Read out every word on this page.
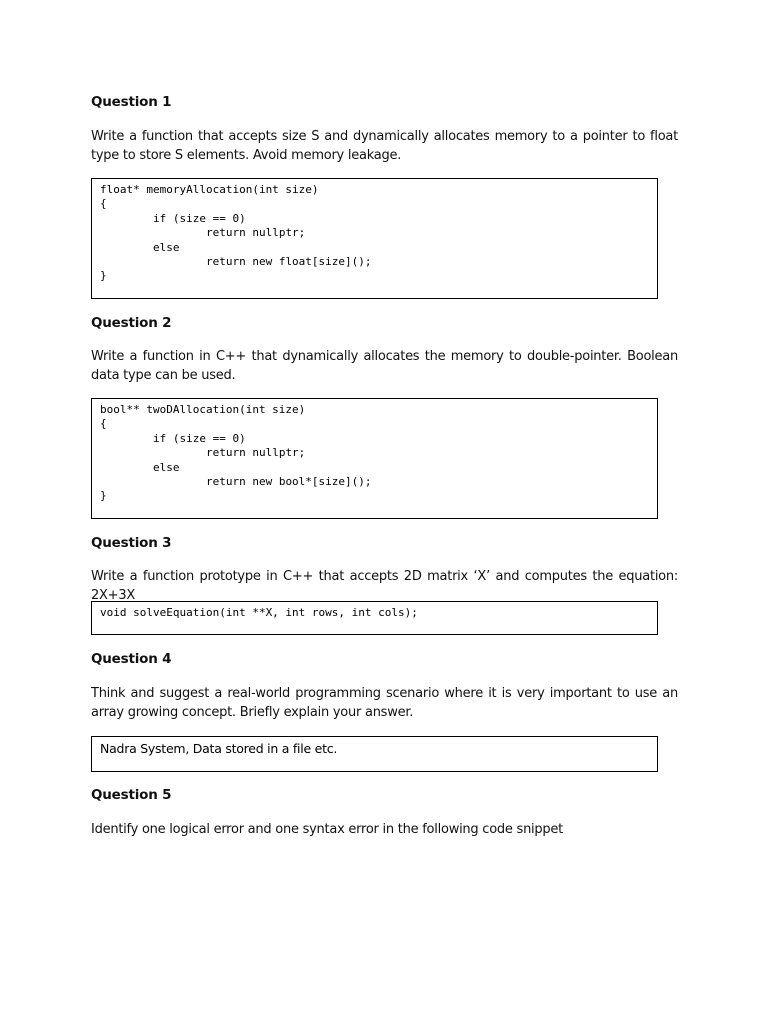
Question 1
Write a function that accepts size S and dynamically allocates memory to a pointer to float type to store S elements. Avoid memory leakage.
float* memoryAllocation(int size)
{
	if (size == 0)
		return nullptr;
	else
		return new float[size]();
}
Question 2
Write a function in C++ that dynamically allocates the memory to double-pointer. Boolean data type can be used.
bool** twoDAllocation(int size)
{
	if (size == 0)
		return nullptr;
	else
		return new bool*[size]();
}
Question 3
Write a function prototype in C++ that accepts 2D matrix ‘X’ and computes the equation: 2X+3X
void solveEquation(int **X, int rows, int cols);
Question 4
Think and suggest a real-world programming scenario where it is very important to use an array growing concept. Briefly explain your answer.

Nadra System, Data stored in a file etc.

Question 5
Identify one logical error and one syntax error in the following code snippet
